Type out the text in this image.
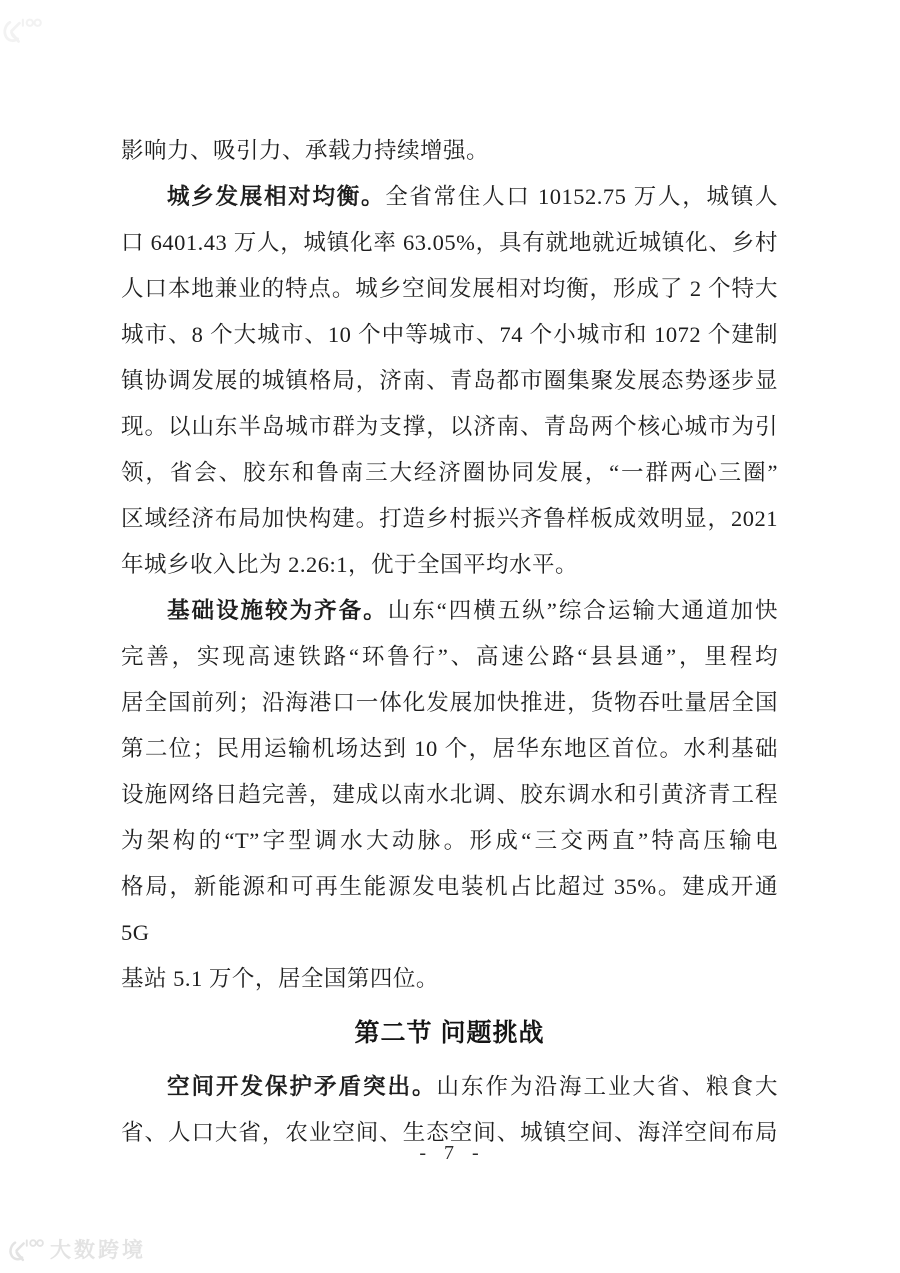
影响力、吸引力、承载力持续增强。
城乡发展相对均衡。全省常住人口 10152.75 万人，城镇人
口 6401.43 万人，城镇化率 63.05%，具有就地就近城镇化、乡村
人口本地兼业的特点。城乡空间发展相对均衡，形成了 2 个特大
城市、8 个大城市、10 个中等城市、74 个小城市和 1072 个建制
镇协调发展的城镇格局，济南、青岛都市圈集聚发展态势逐步显
现。以山东半岛城市群为支撑，以济南、青岛两个核心城市为引
领，省会、胶东和鲁南三大经济圈协同发展，“一群两心三圈”
区域经济布局加快构建。打造乡村振兴齐鲁样板成效明显，2021
年城乡收入比为 2.26:1，优于全国平均水平。
基础设施较为齐备。山东“四横五纵”综合运输大通道加快
完善，实现高速铁路“环鲁行”、高速公路“县县通”，里程均
居全国前列；沿海港口一体化发展加快推进，货物吞吐量居全国
第二位；民用运输机场达到 10 个，居华东地区首位。水利基础
设施网络日趋完善，建成以南水北调、胶东调水和引黄济青工程
为架构的“T”字型调水大动脉。形成“三交两直”特高压输电
格局，新能源和可再生能源发电装机占比超过 35%。建成开通 5G
基站 5.1 万个，居全国第四位。
第二节 问题挑战
空间开发保护矛盾突出。山东作为沿海工业大省、粮食大
省、人口大省，农业空间、生态空间、城镇空间、海洋空间布局
- 7 -
大数跨境
